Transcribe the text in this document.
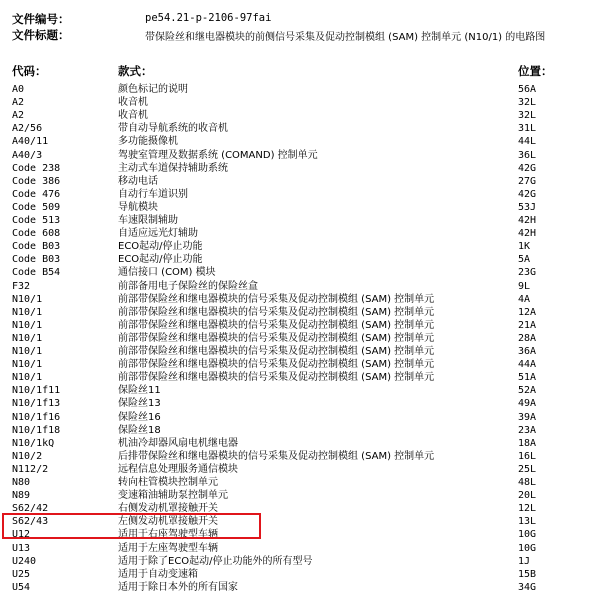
文件编号：	pe54.21-p-2106-97fai
文件标题：	带保险丝和继电器模块的前侧信号采集及促动控制模组 (SAM) 控制单元 (N10/1) 的电路图
代码：	款式：	位置：
A0	颜色标记的说明	56A
A2	收音机	32L
A2	收音机	32L
A2/56	带自动导航系统的收音机	31L
A40/11	多功能摄像机	44L
A40/3	驾驶室管理及数据系统 (COMAND) 控制单元	36L
Code 238	主动式车道保持辅助系统	42G
Code 386	移动电话	27G
Code 476	自动行车道识别	42G
Code 509	导航模块	53J
Code 513	车速限制辅助	42H
Code 608	自适应远光灯辅助	42H
Code B03	ECO起动/停止功能	1K
Code B03	ECO起动/停止功能	5A
Code B54	通信接口 (COM) 模块	23G
F32	前部备用电子保险丝的保险丝盒	9L
N10/1	前部带保险丝和继电器模块的信号采集及促动控制模组 (SAM) 控制单元	4A
N10/1	前部带保险丝和继电器模块的信号采集及促动控制模组 (SAM) 控制单元	12A
N10/1	前部带保险丝和继电器模块的信号采集及促动控制模组 (SAM) 控制单元	21A
N10/1	前部带保险丝和继电器模块的信号采集及促动控制模组 (SAM) 控制单元	28A
N10/1	前部带保险丝和继电器模块的信号采集及促动控制模组 (SAM) 控制单元	36A
N10/1	前部带保险丝和继电器模块的信号采集及促动控制模组 (SAM) 控制单元	44A
N10/1	前部带保险丝和继电器模块的信号采集及促动控制模组 (SAM) 控制单元	51A
N10/1f11	保险丝11	52A
N10/1f13	保险丝13	49A
N10/1f16	保险丝16	39A
N10/1f18	保险丝18	23A
N10/1kQ	机油冷却器风扇电机继电器	18A
N10/2	后排带保险丝和继电器模块的信号采集及促动控制模组 (SAM) 控制单元	16L
N112/2	远程信息处理服务通信模块	25L
N80	转向柱管模块控制单元	48L
N89	变速箱油辅助泵控制单元	20L
S62/42	右侧发动机罩接触开关	12L
S62/43	左侧发动机罩接触开关	13L
U12	适用于右座驾驶型车辆	10G
U13	适用于左座驾驶型车辆	10G
U240	适用于除了ECO起动/停止功能外的所有型号	1J
U25	适用于自动变速箱	15B
U54	适用于除日本外的所有国家	34G
